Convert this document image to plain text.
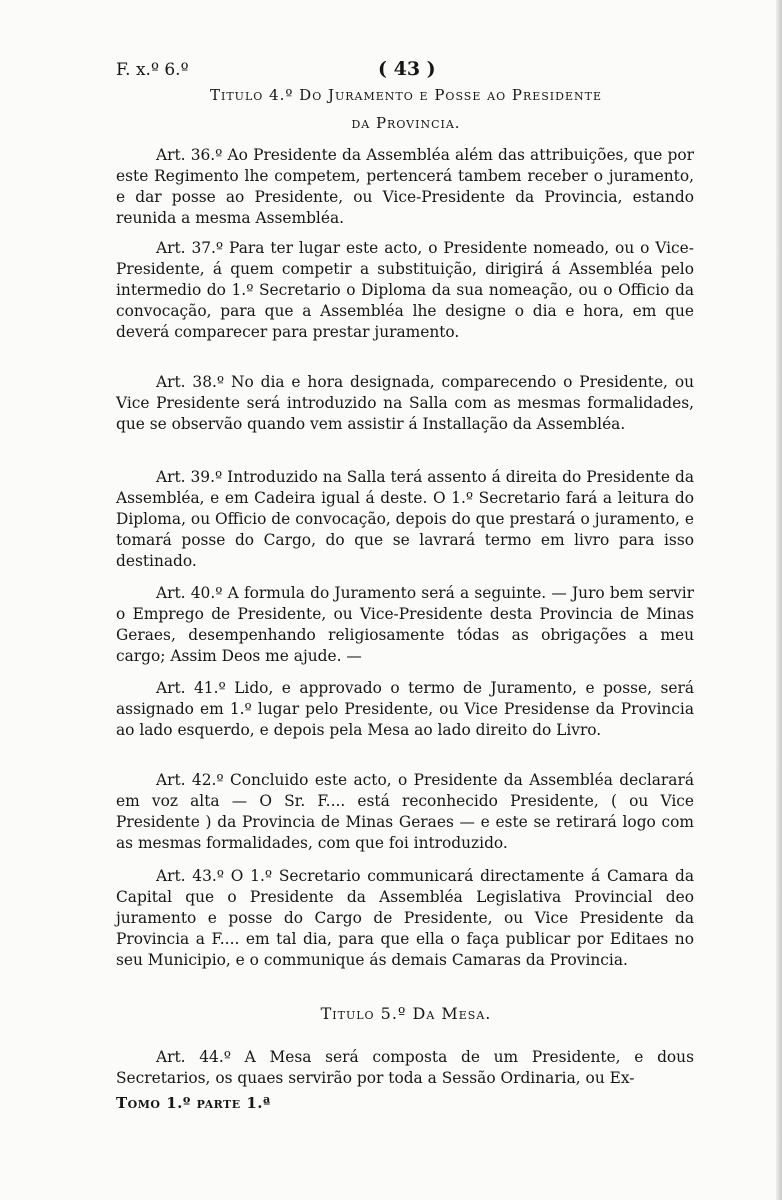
F. x.º 6.º	( 43 )
Titulo 4.º Do Juramento e Posse ao Presidente
da Provincia.

Art. 36.º Ao Presidente da Assembléa além das attribuições, que por este Regimento lhe competem, pertencerá tambem receber o juramento, e dar posse ao Presidente, ou Vice-Presidente da Provincia, estando reunida a mesma Assembléa.

Art. 37.º Para ter lugar este acto, o Presidente nomeado, ou o Vice-Presidente, á quem competir a substituição, dirigirá á Assembléa pelo intermedio do 1.º Secretario o Diploma da sua nomeação, ou o Officio da convocação, para que a Assembléa lhe designe o dia e hora, em que deverá comparecer para prestar juramento.

Art. 38.º No dia e hora designada, comparecendo o Presidente, ou Vice Presidente será introduzido na Salla com as mesmas formalidades, que se observão quando vem assistir á Installação da Assembléa.

Art. 39.º Introduzido na Salla terá assento á direita do Presidente da Assembléa, e em Cadeira igual á deste. O 1.º Secretario fará a leitura do Diploma, ou Officio de convocação, depois do que prestará o juramento, e tomará posse do Cargo, do que se lavrará termo em livro para isso destinado.

Art. 40.º A formula do Juramento será a seguinte. — Juro bem servir o Emprego de Presidente, ou Vice-Presidente desta Provincia de Minas Geraes, desempenhando religiosamente tódas as obrigações a meu cargo; Assim Deos me ajude. —

Art. 41.º Lido, e approvado o termo de Juramento, e posse, será assignado em 1.º lugar pelo Presidente, ou Vice Presidense da Provincia ao lado esquerdo, e depois pela Mesa ao lado direito do Livro.

Art. 42.º Concluido este acto, o Presidente da Assembléa declarará em voz alta — O Sr. F.... está reconhecido Presidente, ( ou Vice Presidente ) da Provincia de Minas Geraes — e este se retirará logo com as mesmas formalidades, com que foi introduzido.

Art. 43.º O 1.º Secretario communicará directamente á Camara da Capital que o Presidente da Assembléa Legislativa Provincial deo juramento e posse do Cargo de Presidente, ou Vice Presidente da Provincia a F.... em tal dia, para que ella o faça publicar por Editaes no seu Municipio, e o communique ás demais Camaras da Provincia.

Titulo 5.º Da Mesa.

Art. 44.º A Mesa será composta de um Presidente, e dous Secretarios, os quaes servirão por toda a Sessão Ordinaria, ou Ex-

Tomo 1.º parte 1.ª
